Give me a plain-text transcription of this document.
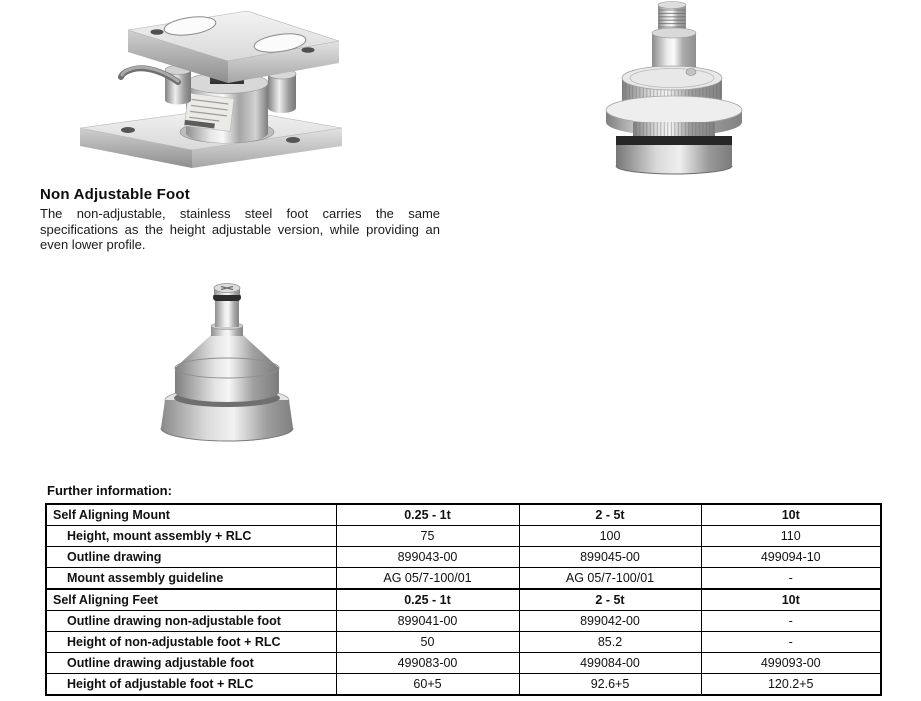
Non Adjustable Foot
The non-adjustable, stainless steel foot carries the same specifications as the height adjustable version, while providing an even lower profile.
Further information:
Self Aligning Mount	0.25 - 1t	2 - 5t	10t
Height, mount assembly + RLC	75	100	110
Outline drawing	899043-00	899045-00	499094-10
Mount assembly guideline	AG 05/7-100/01	AG 05/7-100/01	-
Self Aligning Feet	0.25 - 1t	2 - 5t	10t
Outline drawing non-adjustable foot	899041-00	899042-00	-
Height of non-adjustable foot + RLC	50	85.2	-
Outline drawing adjustable foot	499083-00	499084-00	499093-00
Height of adjustable foot + RLC	60+5	92.6+5	120.2+5
